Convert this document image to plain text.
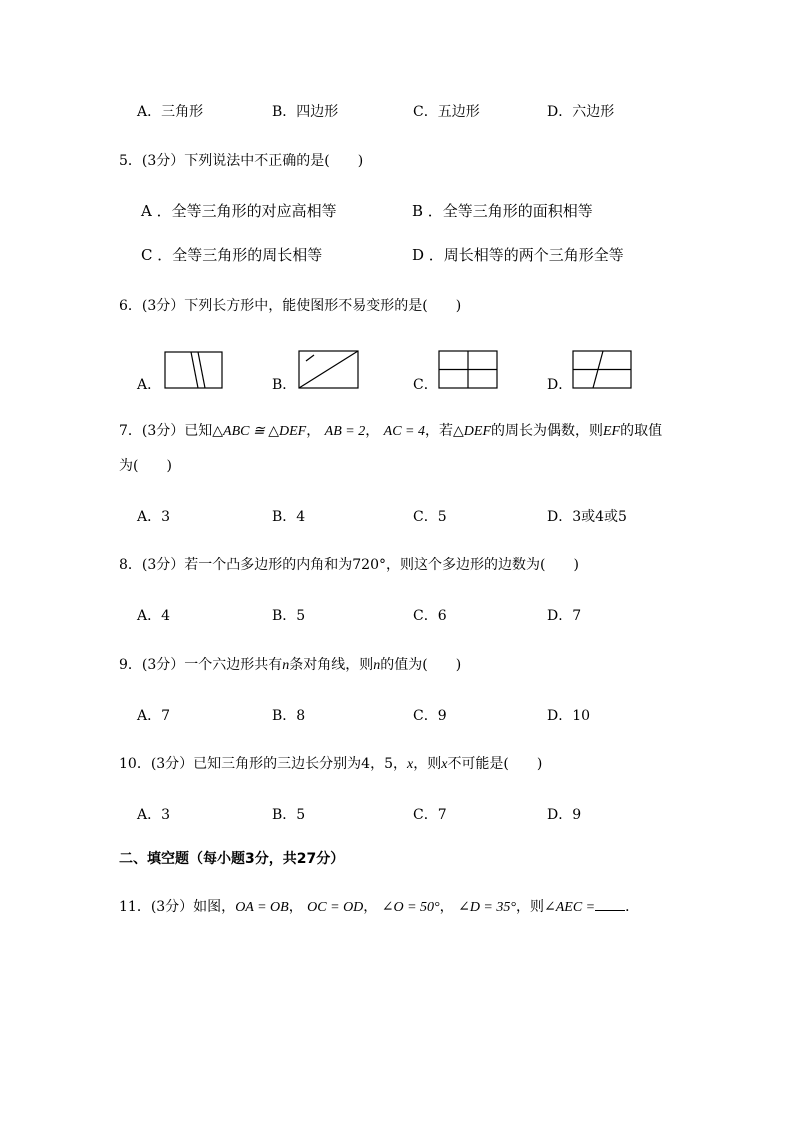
A．三角形	B．四边形	C．五边形	D．六边形
5．(3分）下列说法中不正确的是(　　)
A ．全等三角形的对应高相等	B ．全等三角形的面积相等
C ．全等三角形的周长相等	D ．周长相等的两个三角形全等
6．(3分）下列长方形中，能使图形不易变形的是(　　)
A．	B．	C．	D．
7．(3分）已知△ABC ≅ △DEF， AB = 2， AC = 4，若△DEF的周长为偶数，则EF的取值
为(　　)
A．3	B．4	C．5	D．3或4或5
8．(3分）若一个凸多边形的内角和为720°，则这个多边形的边数为(　　)
A．4	B．5	C．6	D．7
9．(3分）一个六边形共有n条对角线，则n的值为(　　)
A．7	B．8	C．9	D．10
10．(3分）已知三角形的三边长分别为4，5，x，则x不可能是(　　)
A．3	B．5	C．7	D．9
二、填空题（每小题3分，共27分）
11．(3分）如图，OA = OB， OC = OD， ∠O = 50°， ∠D = 35°，则∠AEC = ．
